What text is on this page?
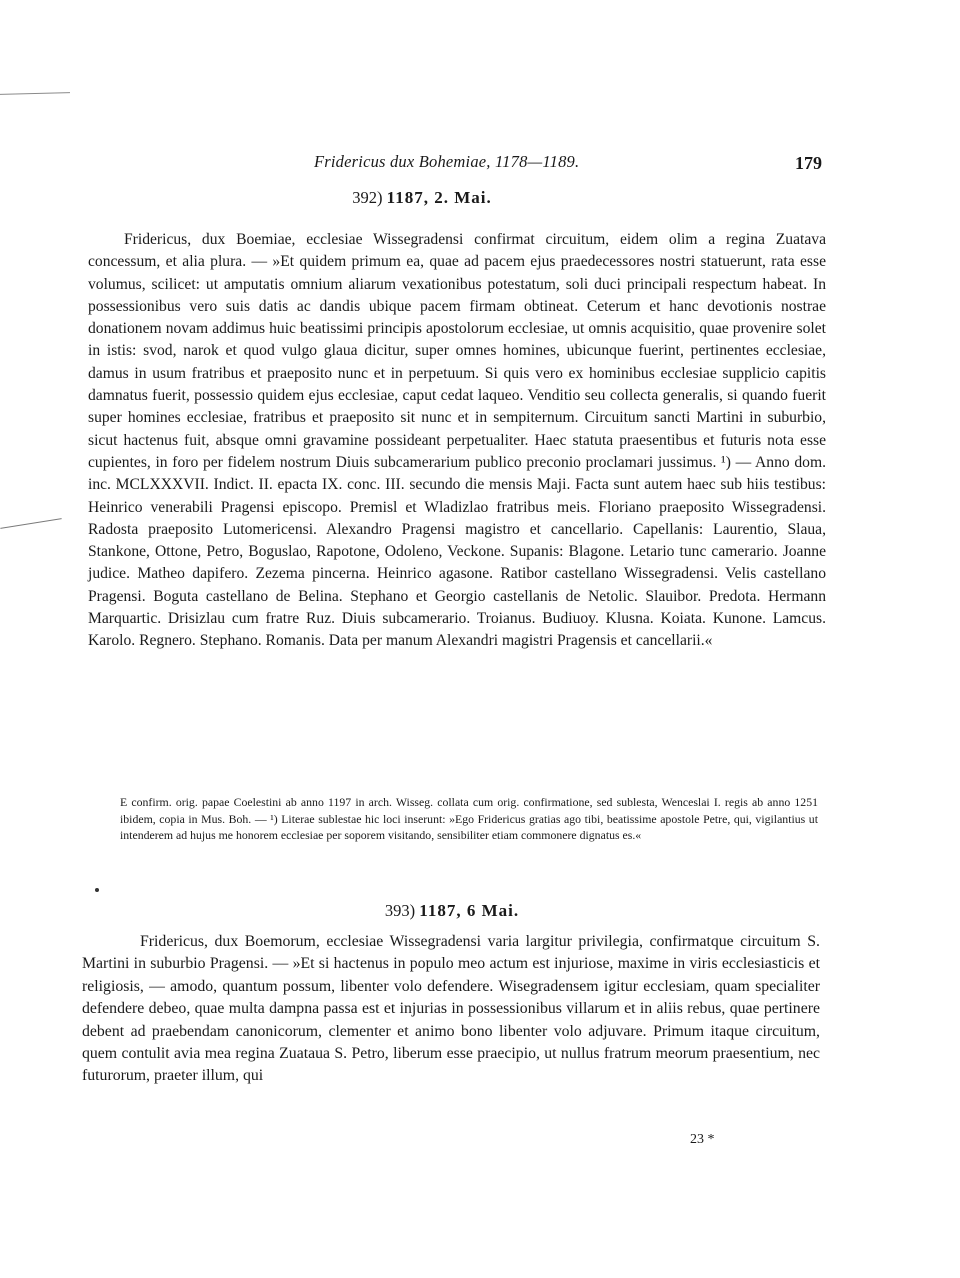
Fridericus dux Bohemiae, 1178—1189.	179
392) 1187, 2. Mai.

Fridericus, dux Boemiae, ecclesiae Wissegradensi confirmat circuitum, eidem olim a regina Zuatava concessum, et alia plura. — »Et quidem primum ea, quae ad pacem ejus praedecessores nostri statuerunt, rata esse volumus, scilicet: ut amputatis omnium aliarum vexationibus potestatum, soli duci principali respectum habeat. In possessionibus vero suis datis ac dandis ubique pacem firmam obtineat. Ceterum et hanc devotionis nostrae donationem novam addimus huic beatissimi principis apostolorum ecclesiae, ut omnis acquisitio, quae provenire solet in istis: svod, narok et quod vulgo glaua dicitur, super omnes homines, ubicunque fuerint, pertinentes ecclesiae, damus in usum fratribus et praeposito nunc et in perpetuum. Si quis vero ex hominibus ecclesiae supplicio capitis damnatus fuerit, possessio quidem ejus ecclesiae, caput cedat laqueo. Venditio seu collecta generalis, si quando fuerit super homines ecclesiae, fratribus et praeposito sit nunc et in sempiternum. Circuitum sancti Martini in suburbio, sicut hactenus fuit, absque omni gravamine possideant perpetualiter. Haec statuta praesentibus et futuris nota esse cupientes, in foro per fidelem nostrum Diuis subcamerarium publico preconio proclamari jussimus. ¹) — Anno dom. inc. MCLXXXVII. Indict. II. epacta IX. conc. III. secundo die mensis Maji. Facta sunt autem haec sub hiis testibus: Heinrico venerabili Pragensi episcopo. Premisl et Wladizlao fratribus meis. Floriano praeposito Wissegradensi. Radosta praeposito Lutomericensi. Alexandro Pragensi magistro et cancellario. Capellanis: Laurentio, Slaua, Stankone, Ottone, Petro, Boguslao, Rapotone, Odoleno, Veckone. Supanis: Blagone. Letario tunc camerario. Joanne judice. Matheo dapifero. Zezema pincerna. Heinrico agasone. Ratibor castellano Wissegradensi. Velis castellano Pragensi. Boguta castellano de Belina. Stephano et Georgio castellanis de Netolic. Slauibor. Predota. Hermann Marquartic. Drisizlau cum fratre Ruz. Diuis subcamerario. Troianus. Budiuoy. Klusna. Koiata. Kunone. Lamcus. Karolo. Regnero. Stephano. Romanis. Data per manum Alexandri magistri Pragensis et cancellarii.«

E confirm. orig. papae Coelestini ab anno 1197 in arch. Wisseg. collata cum orig. confirmatione, sed sublesta, Wenceslai I. regis ab anno 1251 ibidem, copia in Mus. Boh. — ¹) Literae sublestae hic loci inserunt: »Ego Fridericus gratias ago tibi, beatissime apostole Petre, qui, vigilantius ut intenderem ad hujus me honorem ecclesiae per soporem visitando, sensibiliter etiam commonere dignatus es.«

393) 1187, 6 Mai.

Fridericus, dux Boemorum, ecclesiae Wissegradensi varia largitur privilegia, confirmatque circuitum S. Martini in suburbio Pragensi. — »Et si hactenus in populo meo actum est injuriose, maxime in viris ecclesiasticis et religiosis, — amodo, quantum possum, libenter volo defendere. Wisegradensem igitur ecclesiam, quam specialiter defendere debeo, quae multa dampna passa est et injurias in possessionibus villarum et in aliis rebus, quae pertinere debent ad praebendam canonicorum, clementer et animo bono libenter volo adjuvare. Primum itaque circuitum, quem contulit avia mea regina Zuataua S. Petro, liberum esse praecipio, ut nullus fratrum meorum praesentium, nec futurorum, praeter illum, qui

23 *
